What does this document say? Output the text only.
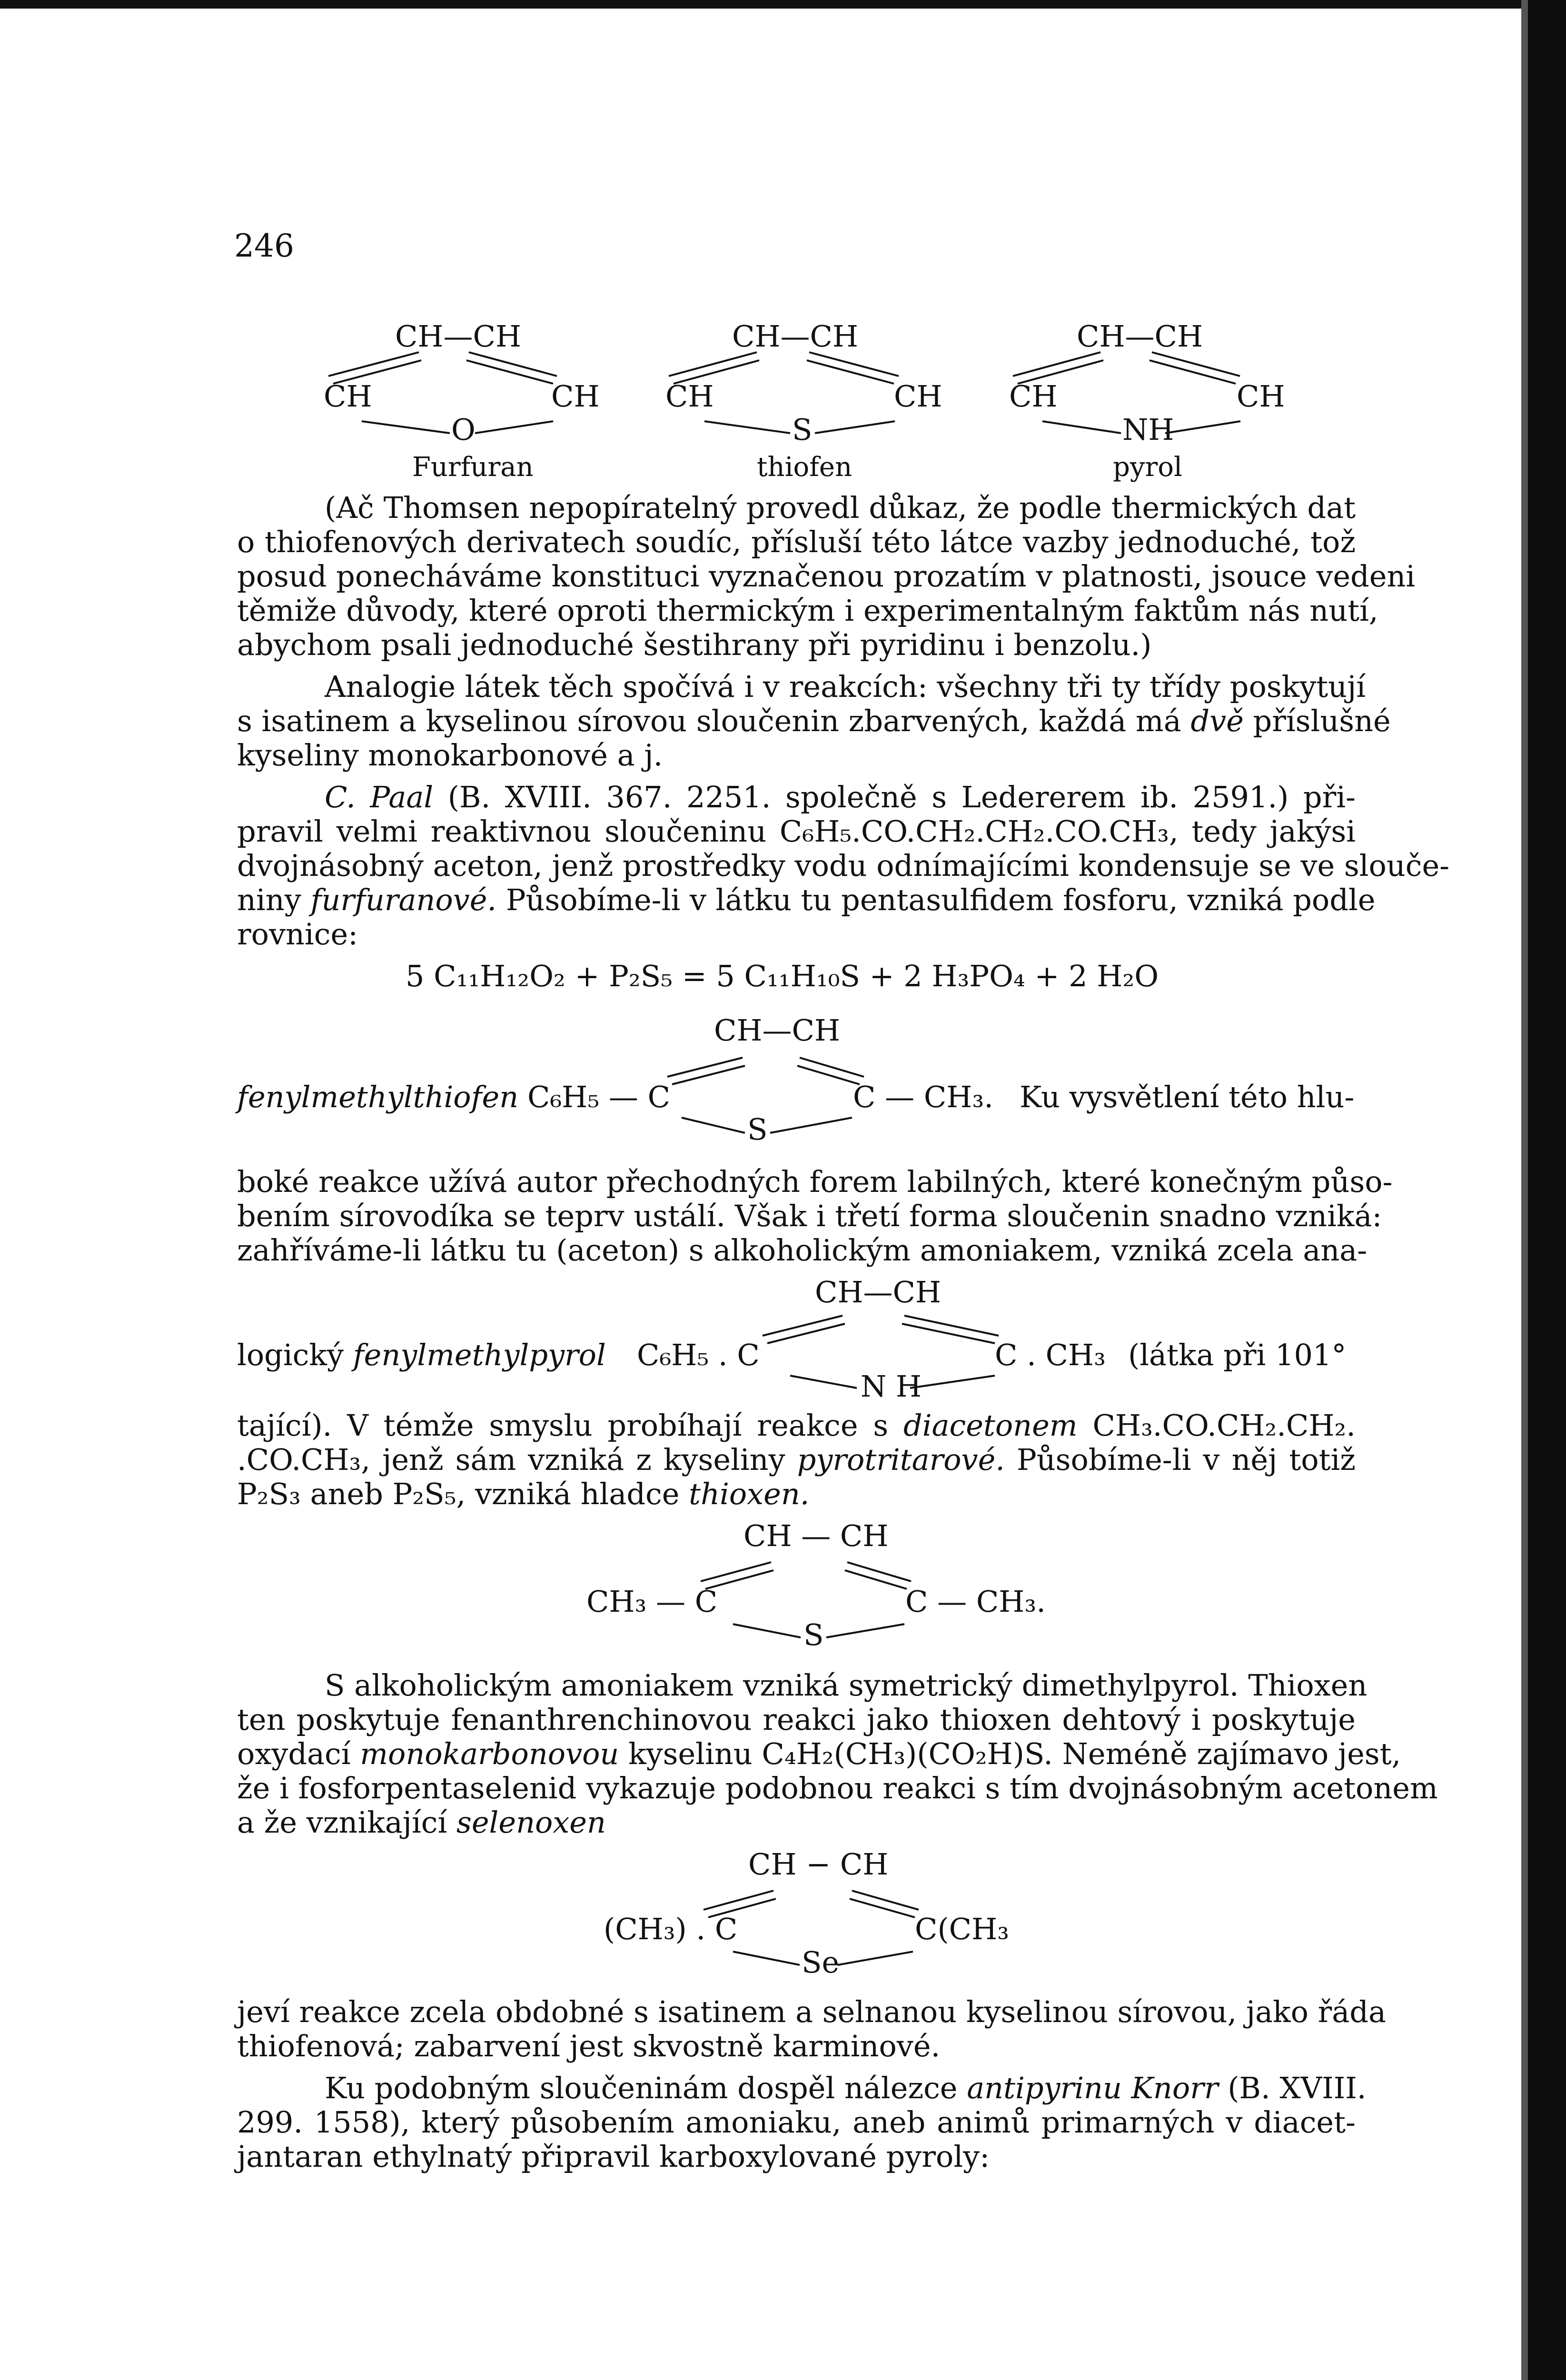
246
CH—CH
CH	CH
O
Furfuran
CH—CH
CH	CH
S
thiofen
CH—CH
CH	CH
NH
pyrol
(Ač Thomsen nepopíratelný provedl důkaz, že podle thermických dat
o thiofenových derivatech soudíc, přísluší této látce vazby jednoduché, tož
posud ponecháváme konstituci vyznačenou prozatím v platnosti, jsouce vedeni
těmiže důvody, které oproti thermickým i experimentalným faktům nás nutí,
abychom psali jednoduché šestihrany při pyridinu i benzolu.)
Analogie látek těch spočívá i v reakcích: všechny tři ty třídy poskytují
s isatinem a kyselinou sírovou sloučenin zbarvených, každá má dvě příslušné
kyseliny monokarbonové a j.
C. Paal (B. XVIII. 367. 2251. společně s Ledererem ib. 2591.) při-
pravil velmi reaktivnou sloučeninu C₆H₅.CO.CH₂.CH₂.CO.CH₃, tedy jakýsi
dvojnásobný aceton, jenž prostředky vodu odnímajícími kondensuje se ve slouče-
niny furfuranové. Působíme-li v látku tu pentasulfidem fosforu, vzniká podle
rovnice:
5 C₁₁H₁₂O₂ + P₂S₅ = 5 C₁₁H₁₀S + 2 H₃PO₄ + 2 H₂O
CH—CH
fenylmethylthiofen C₆H₅ — C	C — CH₃. Ku vysvětlení této hlu-
S
boké reakce užívá autor přechodných forem labilných, které konečným půso-
bením sírovodíka se teprv ustálí. Však i třetí forma sloučenin snadno vzniká:
zahříváme-li látku tu (aceton) s alkoholickým amoniakem, vzniká zcela ana-
CH—CH
logický fenylmethylpyrol C₆H₅ . C	C . CH₃ (látka při 101°
N H
tající). V témže smyslu probíhají reakce s diacetonem CH₃.CO.CH₂.CH₂.
.CO.CH₃, jenž sám vzniká z kyseliny pyrotritarové. Působíme-li v něj totiž
P₂S₃ aneb P₂S₅, vzniká hladce thioxen.
CH — CH
CH₃ — C	C — CH₃.
S
S alkoholickým amoniakem vzniká symetrický dimethylpyrol. Thioxen
ten poskytuje fenanthrenchinovou reakci jako thioxen dehtový i poskytuje
oxydací monokarbonovou kyselinu C₄H₂(CH₃)(CO₂H)S. Neméně zajímavo jest,
že i fosforpentaselenid vykazuje podobnou reakci s tím dvojnásobným acetonem
a že vznikající selenoxen
CH − CH
(CH₃) . C	C(CH₃
Se
jeví reakce zcela obdobné s isatinem a selnanou kyselinou sírovou, jako řáda
thiofenová; zabarvení jest skvostně karminové.
Ku podobným sloučeninám dospěl nálezce antipyrinu Knorr (B. XVIII.
299. 1558), který působením amoniaku, aneb animů primarných v diacet-
jantaran ethylnatý připravil karboxylované pyroly:
